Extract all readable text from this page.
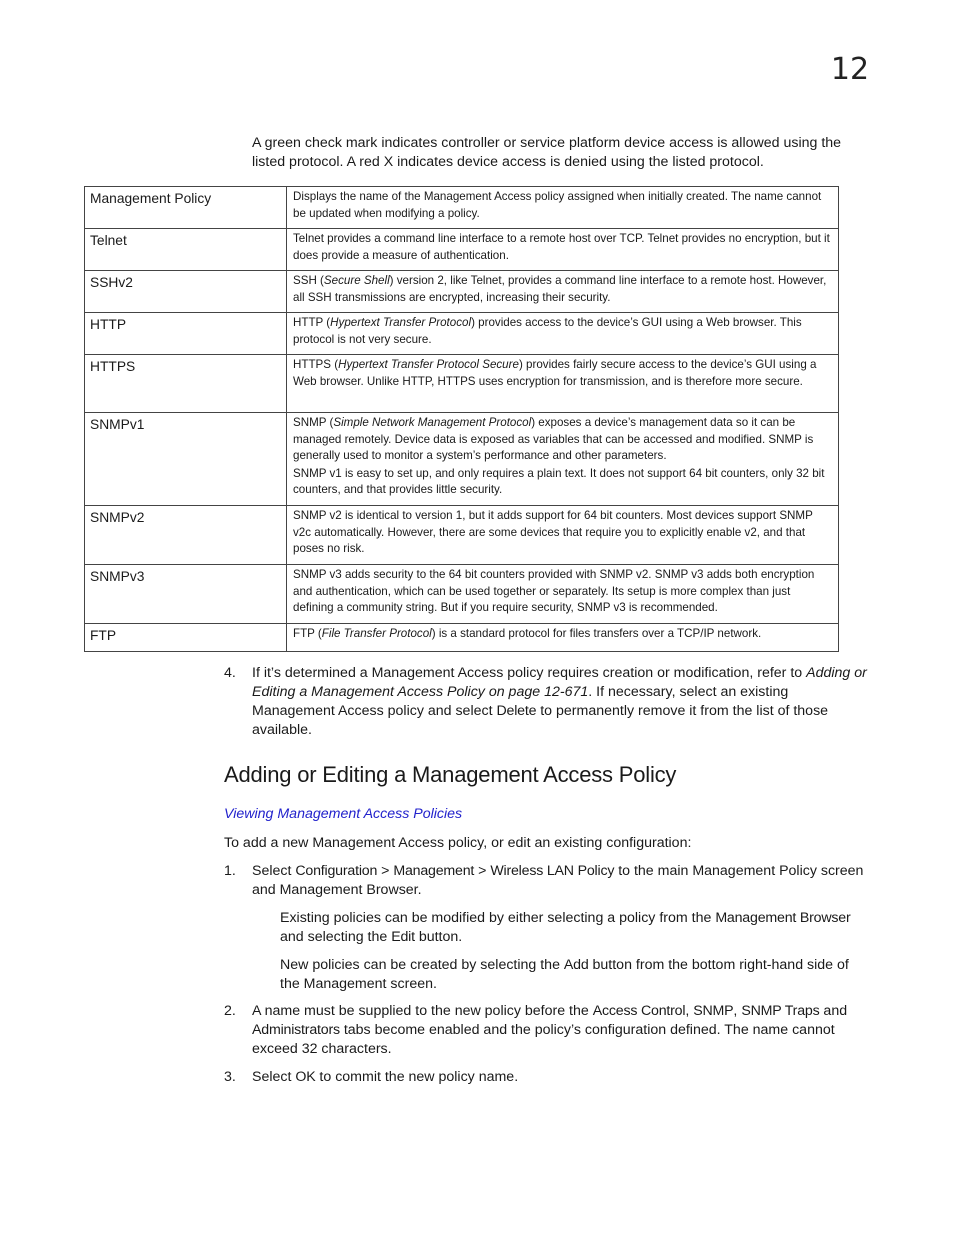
12

A green check mark indicates controller or service platform device access is allowed using the listed protocol. A red X indicates device access is denied using the listed protocol.

Management Policy	Displays the name of the Management Access policy assigned when initially created. The name cannot be updated when modifying a policy.

Telnet	Telnet provides a command line interface to a remote host over TCP. Telnet provides no encryption, but it does provide a measure of authentication.

SSHv2	SSH (Secure Shell) version 2, like Telnet, provides a command line interface to a remote host. However, all SSH transmissions are encrypted, increasing their security.

HTTP	HTTP (Hypertext Transfer Protocol) provides access to the device’s GUI using a Web browser. This protocol is not very secure.

HTTPS	HTTPS (Hypertext Transfer Protocol Secure) provides fairly secure access to the device’s GUI using a Web browser. Unlike HTTP, HTTPS uses encryption for transmission, and is therefore more secure.

SNMPv1	SNMP (Simple Network Management Protocol) exposes a device’s management data so it can be managed remotely. Device data is exposed as variables that can be accessed and modified. SNMP is generally used to monitor a system’s performance and other parameters.

SNMP v1 is easy to set up, and only requires a plain text. It does not support 64 bit counters, only 32 bit counters, and that provides little security.

SNMPv2	SNMP v2 is identical to version 1, but it adds support for 64 bit counters. Most devices support SNMP v2c automatically. However, there are some devices that require you to explicitly enable v2, and that poses no risk.

SNMPv3	SNMP v3 adds security to the 64 bit counters provided with SNMP v2. SNMP v3 adds both encryption and authentication, which can be used together or separately. Its setup is more complex than just defining a community string. But if you require security, SNMP v3 is recommended.

FTP	FTP (File Transfer Protocol) is a standard protocol for files transfers over a TCP/IP network.

4. If it’s determined a Management Access policy requires creation or modification, refer to Adding or Editing a Management Access Policy on page 12-671. If necessary, select an existing Management Access policy and select Delete to permanently remove it from the list of those available.
Adding or Editing a Management Access Policy
Viewing Management Access Policies

To add a new Management Access policy, or edit an existing configuration:

1. Select Configuration > Management > Wireless LAN Policy to the main Management Policy screen and Management Browser.

Existing policies can be modified by either selecting a policy from the Management Browser and selecting the Edit button.

New policies can be created by selecting the Add button from the bottom right-hand side of the Management screen.

2. A name must be supplied to the new policy before the Access Control, SNMP, SNMP Traps and Administrators tabs become enabled and the policy’s configuration defined. The name cannot exceed 32 characters.
3. Select OK to commit the new policy name.
